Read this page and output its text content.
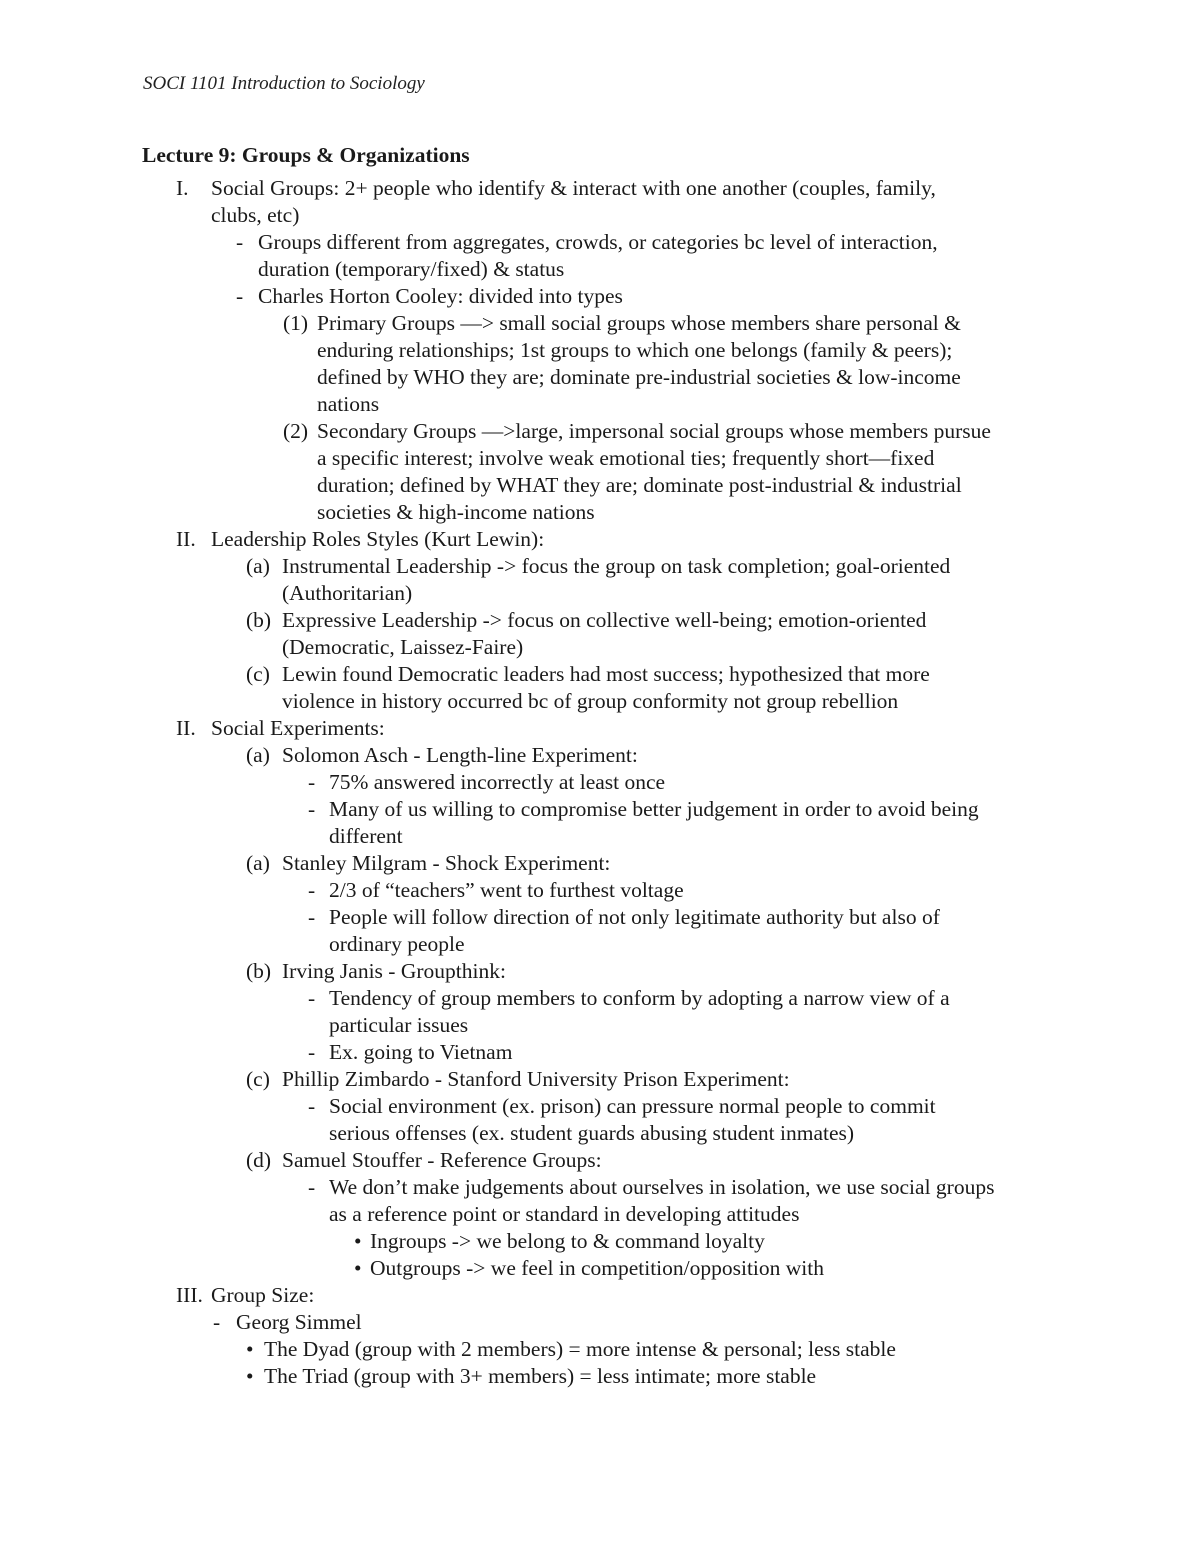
SOCI 1101 Introduction to Sociology
Lecture 9: Groups & Organizations
I. Social Groups: 2+ people who identify & interact with one another (couples, family,
clubs, etc)
- Groups different from aggregates, crowds, or categories bc level of interaction,
duration (temporary/fixed) & status
- Charles Horton Cooley: divided into types
(1) Primary Groups —> small social groups whose members share personal &
enduring relationships; 1st groups to which one belongs (family & peers);
defined by WHO they are; dominate pre-industrial societies & low-income
nations
(2) Secondary Groups —>large, impersonal social groups whose members pursue
a specific interest; involve weak emotional ties; frequently short—fixed
duration; defined by WHAT they are; dominate post-industrial & industrial
societies & high-income nations
II. Leadership Roles Styles (Kurt Lewin):
(a) Instrumental Leadership -> focus the group on task completion; goal-oriented
(Authoritarian)
(b) Expressive Leadership -> focus on collective well-being; emotion-oriented
(Democratic, Laissez-Faire)
(c) Lewin found Democratic leaders had most success; hypothesized that more
violence in history occurred bc of group conformity not group rebellion
II. Social Experiments:
(a) Solomon Asch - Length-line Experiment:
- 75% answered incorrectly at least once
- Many of us willing to compromise better judgement in order to avoid being
different
(a) Stanley Milgram - Shock Experiment:
- 2/3 of “teachers” went to furthest voltage
- People will follow direction of not only legitimate authority but also of
ordinary people
(b) Irving Janis - Groupthink:
- Tendency of group members to conform by adopting a narrow view of a
particular issues
- Ex. going to Vietnam
(c) Phillip Zimbardo - Stanford University Prison Experiment:
- Social environment (ex. prison) can pressure normal people to commit
serious offenses (ex. student guards abusing student inmates)
(d) Samuel Stouffer - Reference Groups:
- We don’t make judgements about ourselves in isolation, we use social groups
as a reference point or standard in developing attitudes
• Ingroups -> we belong to & command loyalty
• Outgroups -> we feel in competition/opposition with
III. Group Size:
- Georg Simmel
• The Dyad (group with 2 members) = more intense & personal; less stable
• The Triad (group with 3+ members) = less intimate; more stable
